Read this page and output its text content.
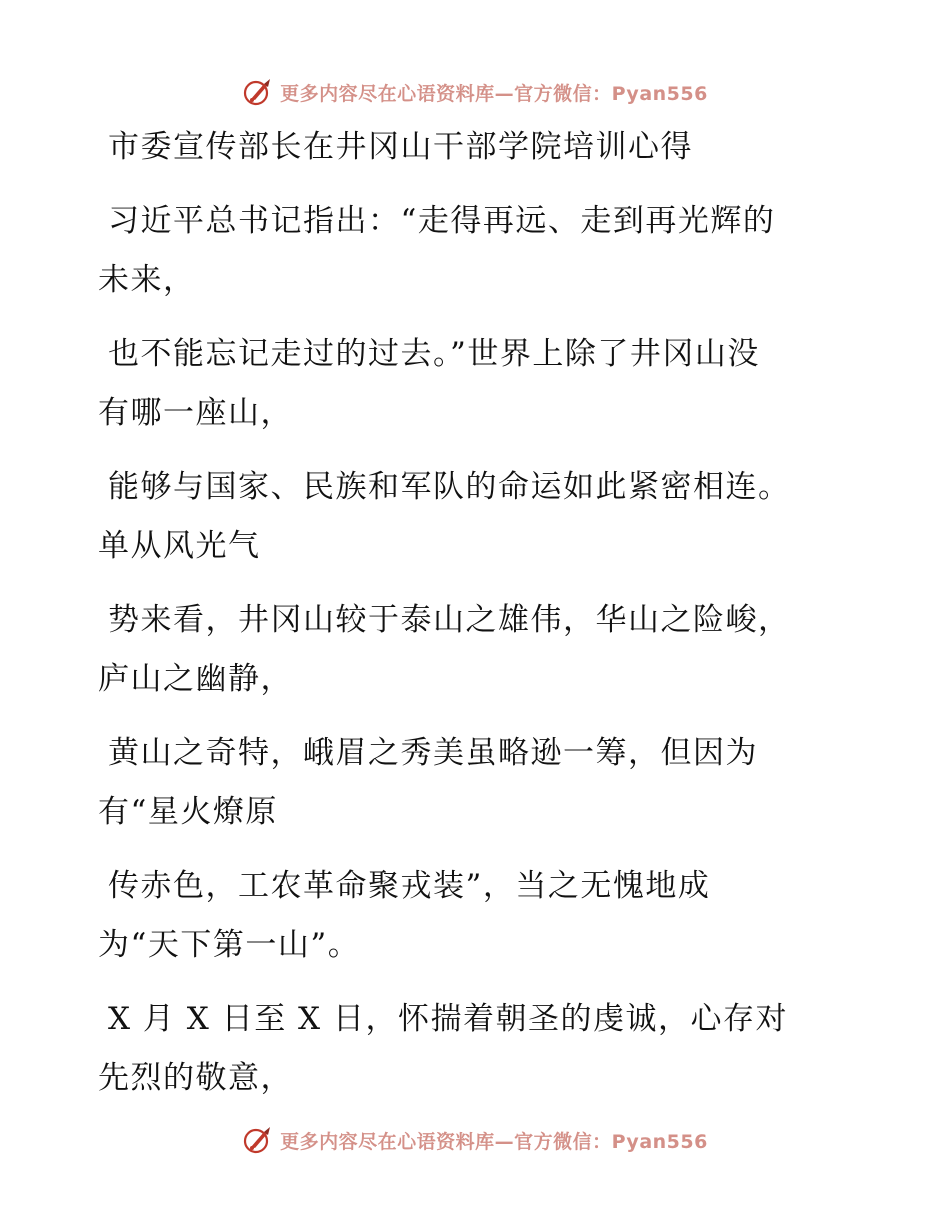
更多内容尽在心语资料库—官方微信：Pyan556
市委宣传部长在井冈山干部学院培训心得
习近平总书记指出：“走得再远、走到再光辉的
未来，
也不能忘记走过的过去。”世界上除了井冈山没
有哪一座山，
能够与国家、民族和军队的命运如此紧密相连。
单从风光气
势来看，井冈山较于泰山之雄伟，华山之险峻，
庐山之幽静，
黄山之奇特，峨眉之秀美虽略逊一筹，但因为
有“星火燎原
传赤色，工农革命聚戎装”，当之无愧地成
为“天下第一山”。
X 月 X 日至 X 日，怀揣着朝圣的虔诚，心存对
先烈的敬意，
更多内容尽在心语资料库—官方微信：Pyan556
